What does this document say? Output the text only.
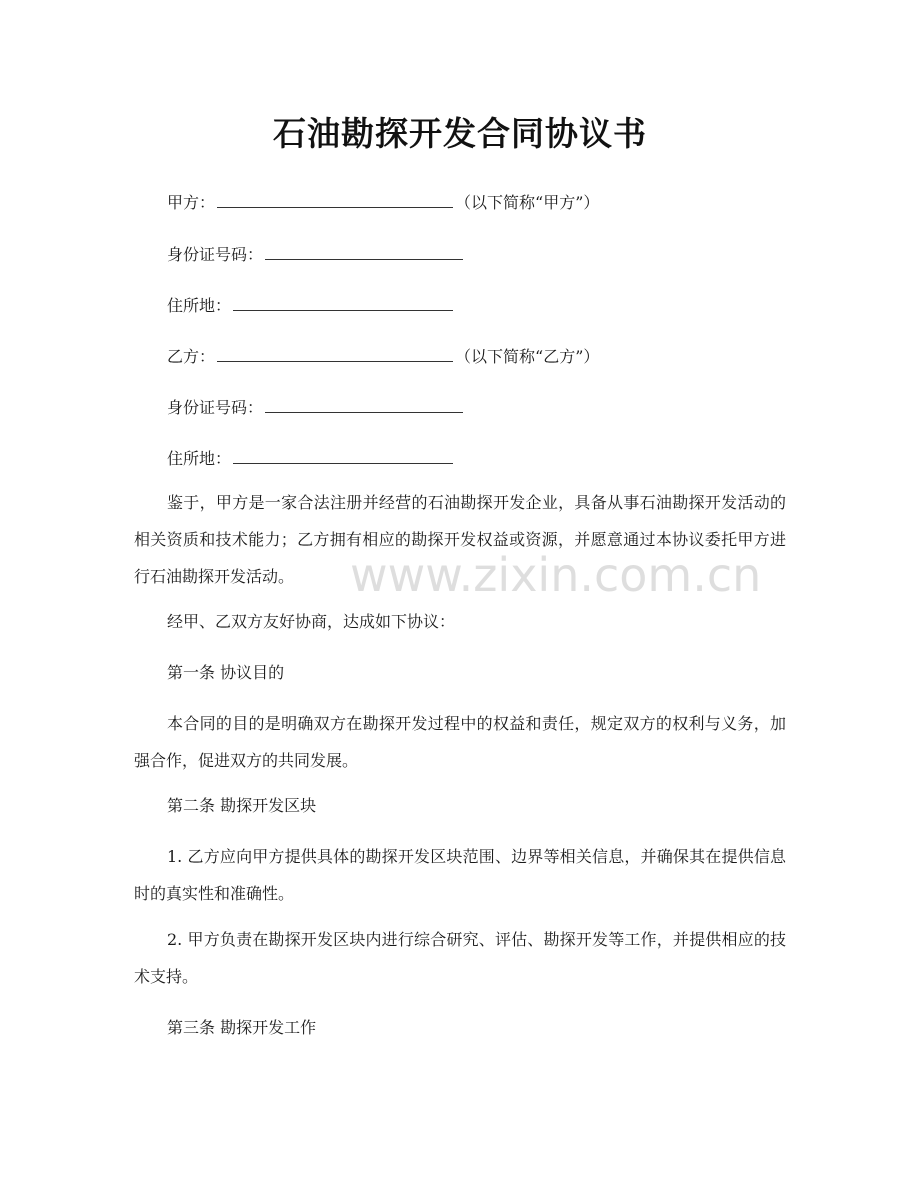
石油勘探开发合同协议书
甲方：	（以下简称“甲方”）
身份证号码：
住所地：
乙方：	（以下简称“乙方”）
身份证号码：
住所地：

鉴于，甲方是一家合法注册并经营的石油勘探开发企业，具备从事石油勘探开发活动的相关资质和技术能力；乙方拥有相应的勘探开发权益或资源，并愿意通过本协议委托甲方进行石油勘探开发活动。

经甲、乙双方友好协商，达成如下协议：

第一条 协议目的

本合同的目的是明确双方在勘探开发过程中的权益和责任，规定双方的权利与义务，加强合作，促进双方的共同发展。

第二条 勘探开发区块

1. 乙方应向甲方提供具体的勘探开发区块范围、边界等相关信息，并确保其在提供信息时的真实性和准确性。

2. 甲方负责在勘探开发区块内进行综合研究、评估、勘探开发等工作，并提供相应的技术支持。

第三条 勘探开发工作

www.zixin.com.cn
